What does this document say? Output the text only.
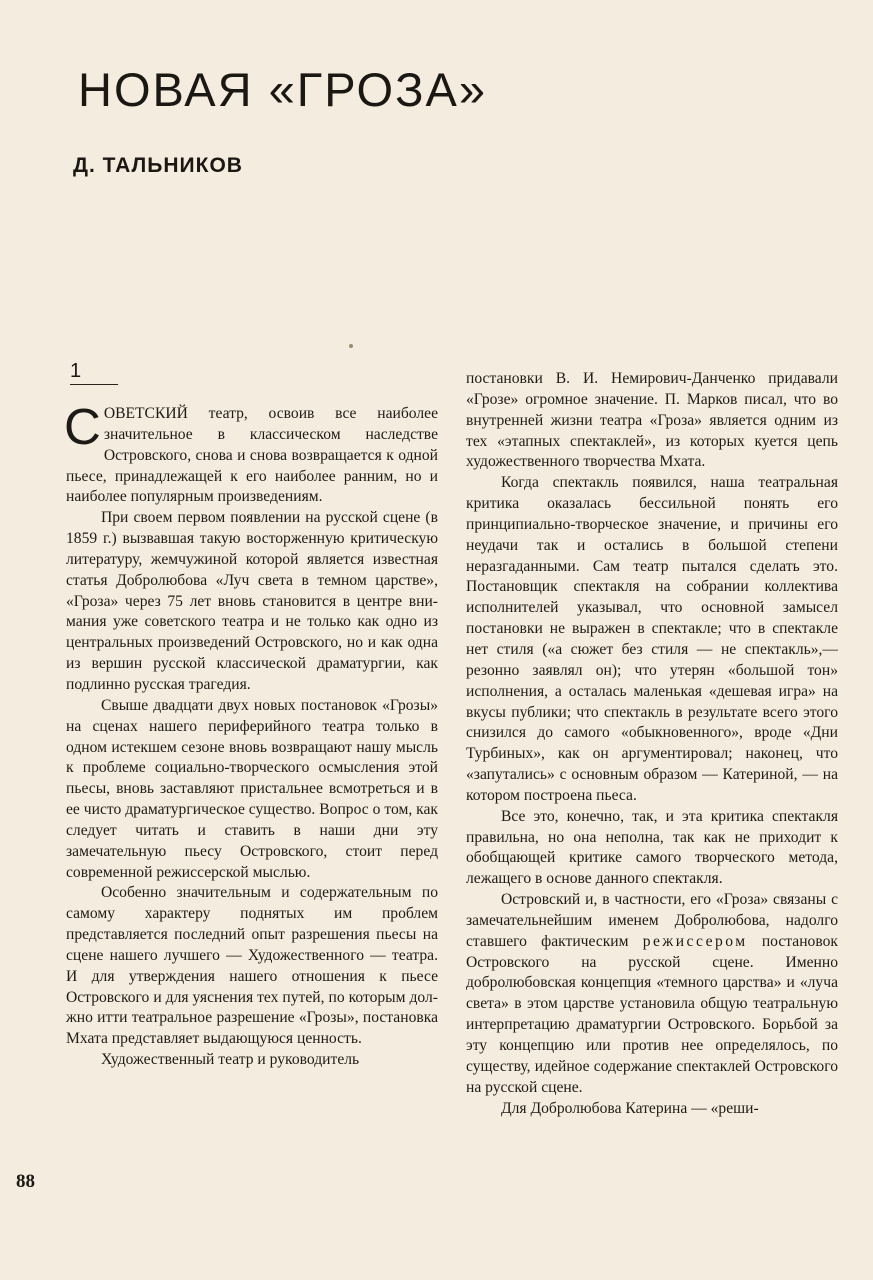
НОВАЯ «ГРОЗА»
Д. ТАЛЬНИКОВ
1

СОВЕТСКИЙ театр, освоив все наиболее значительное в классическом наследстве Островского, снова и снова возвращается к одной пьесе, принадлежащей к его наиболее ранним, но и наиболее популярным произведениям.

При своем первом появлении на русской сцене (в 1859 г.) вызвавшая такую восторженную критическую литературу, жемчужиной которой является известная статья Добролюбова «Луч света в темном царстве», «Гроза» через 75 лет вновь становится в центре внимания уже советского театра и не только как одно из центральных произведений Островского, но и как одна из вершин русской классической драматургии, как подлинно русская трагедия.

Свыше двадцати двух новых постановок «Грозы» на сценах нашего периферийного театра только в одном истекшем сезоне вновь возвращают нашу мысль к проблеме социально-творческого осмысления этой пьесы, вновь заставляют пристальнее всмотреться и в ее чисто драматургическое существо. Вопрос о том, как следует читать и ставить в наши дни эту замечательную пьесу Островского, стоит перед современной режиссерской мыслью.

Особенно значительным и содержательным по самому характеру поднятых им проблем представляется последний опыт разрешения пьесы на сцене нашего лучшего — Художественного — театра. И для утверждения нашего отношения к пьесе Островского и для уяснения тех путей, по которым должно итти театральное разрешение «Грозы», постановка Мхата представляет выдающуюся ценность.

Художественный театр и руководитель

постановки В. И. Немирович-Данченко придавали «Грозе» огромное значение. П. Марков писал, что во внутренней жизни театра «Гроза» является одним из тех «этапных спектаклей», из которых куется цепь художественного творчества Мхата.

Когда спектакль появился, наша театральная критика оказалась бессильной понять его принципиально-творческое значение, и причины его неудачи так и остались в большой степени неразгаданными. Сам театр пытался сделать это. Постановщик спектакля на собрании коллектива исполнителей указывал, что основной замысел постановки не выражен в спектакле; что в спектакле нет стиля («а сюжет без стиля — не спектакль»,— резонно заявлял он); что утерян «большой тон» исполнения, а осталась маленькая «дешевая игра» на вкусы публики; что спектакль в результате всего этого снизился до самого «обыкновенного», вроде «Дни Турбиных», как он аргументировал; наконец, что «запутались» с основным образом — Катериной, — на котором построена пьеса.

Все это, конечно, так, и эта критика спектакля правильна, но она неполна, так как не приходит к обобщающей критике самого творческого метода, лежащего в основе данного спектакля.

Островский и, в частности, его «Гроза» связаны с замечательнейшим именем Добролюбова, надолго ставшего фактическим режиссером постановок Островского на русской сцене. Именно добролюбовская концепция «темного царства» и «луча света» в этом царстве установила общую театральную интерпретацию драматургии Островского. Борьбой за эту концепцию или против нее определялось, по существу, идейное содержание спектаклей Островского на русской сцене.

Для Добролюбова Катерина — «реши-

88
